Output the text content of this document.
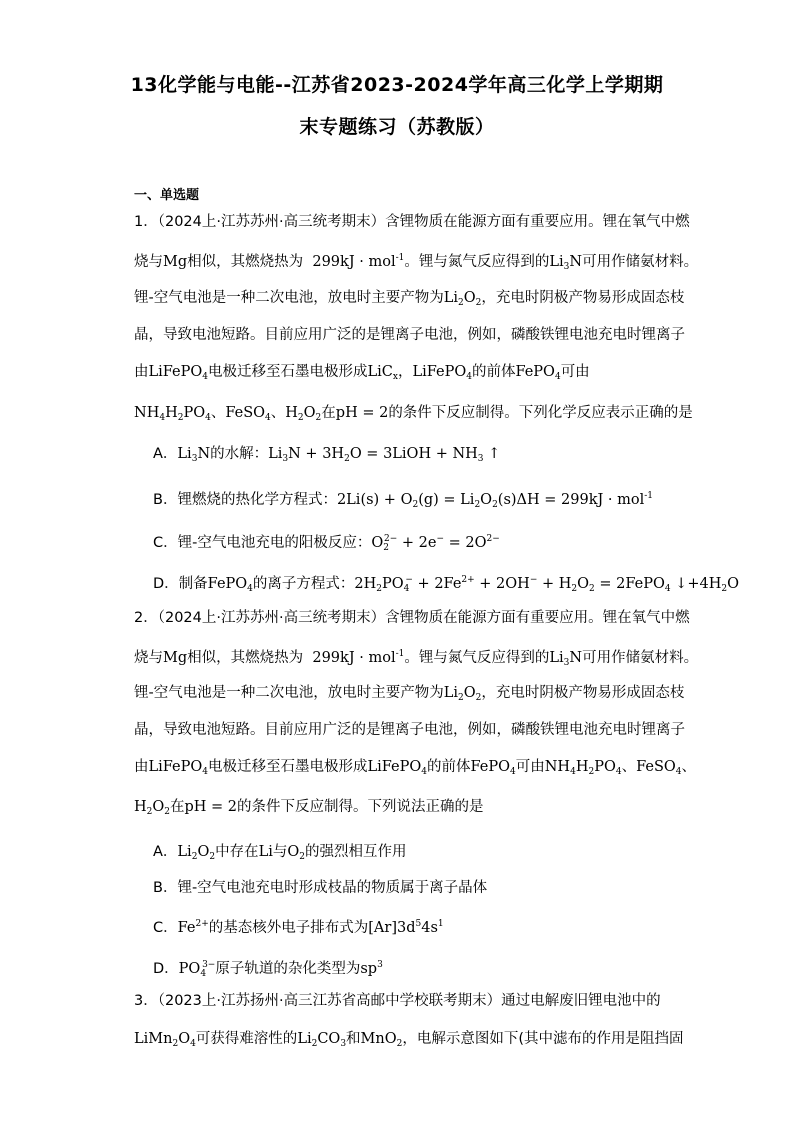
13化学能与电能--江苏省2023-2024学年高三化学上学期期
末专题练习（苏教版）
一、单选题
1．（2024上·江苏苏州·高三统考期末）含锂物质在能源方面有重要应用。锂在氧气中燃
烧与Mg相似，其燃烧热为 299kJ · mol$^{-1}$。锂与氮气反应得到的$Li_3N$可用作储氨材料。
锂-空气电池是一种二次电池，放电时主要产物为$Li_2O_2$，充电时阴极产物易形成固态枝
晶，导致电池短路。目前应用广泛的是锂离子电池，例如，磷酸铁锂电池充电时锂离子
由LiFePO$_4$电极迁移至石墨电极形成LiC$_x$，LiFePO$_4$的前体FePO$_4$可由
$NH_4H_2PO_4$、FeSO$_4$、$H_2O_2$在pH = 2的条件下反应制得。下列化学反应表示正确的是
A．$Li_3N$的水解：$Li_3N + 3H_2O$ = 3LiOH + $NH_3$ ↑
B．锂燃烧的热化学方程式：$2Li(s) + O_2(g) = Li_2O_2(s)\Delta H = 299kJ \cdot mol^{-1}$
C．锂-空气电池充电的阳极反应：$O_2^{2-} + 2e^- = 2O^{2-}$
D．制备FePO$_4$的离子方程式：$2H_2PO_4^- + 2Fe^{2+} + 2OH^- + H_2O_2$ = 2FePO$_4$ $↓+4H_2O$
2．（2024上·江苏苏州·高三统考期末）含锂物质在能源方面有重要应用。锂在氧气中燃
烧与Mg相似，其燃烧热为 299kJ · mol$^{-1}$。锂与氮气反应得到的$Li_3N$可用作储氨材料。
锂-空气电池是一种二次电池，放电时主要产物为$Li_2O_2$，充电时阴极产物易形成固态枝
晶，导致电池短路。目前应用广泛的是锂离子电池，例如，磷酸铁锂电池充电时锂离子
由LiFePO$_4$电极迁移至石墨电极形成LiFePO$_4$的前体FePO$_4$可由$NH_4H_2PO_4$、FeSO$_4$、
$H_2O_2$在pH = 2的条件下反应制得。下列说法正确的是
A．$Li_2O_2$中存在Li与$O_2$的强烈相互作用
B．锂-空气电池充电时形成枝晶的物质属于离子晶体
C．$Fe^{2+}$的基态核外电子排布式为$[Ar]3d^54s^1$
D．$PO_4^{3-}$原子轨道的杂化类型为$sp^3$
3．（2023上·江苏扬州·高三江苏省高邮中学校联考期末）通过电解废旧锂电池中的
$LiMn_2O_4$可获得难溶性的$Li_2CO_3$和MnO$_2$，电解示意图如下(其中滤布的作用是阻挡固
